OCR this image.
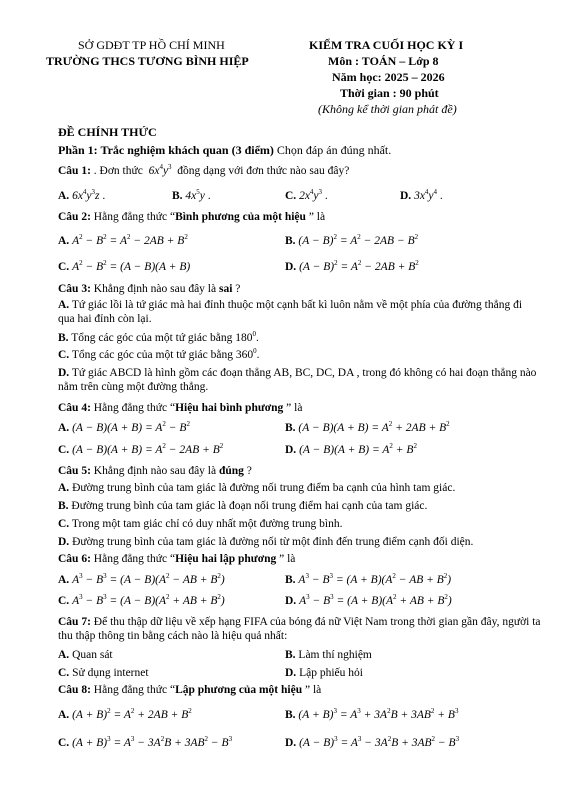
SỞ GDĐT TP HỒ CHÍ MINH
TRƯỜNG THCS TƯƠNG BÌNH HIỆP
KIỂM TRA CUỐI HỌC KỲ I
Môn : TOÁN – Lớp 8
Năm học: 2025 – 2026
Thời gian : 90 phút
(Không kể thời gian phát đề)
ĐỀ CHÍNH THỨC
Phần 1: Trắc nghiệm khách quan (3 điểm) Chọn đáp án đúng nhất.
Câu 1: . Đơn thức  $6x^4y^3$ đồng dạng với đơn thức nào sau đây?
A. $6x^4y^3z$ .	B. $4x^5y$ .	C. $2x^4y^3$ .	D. $3x^4y^4$ .
Câu 2: Hằng đẳng thức “Bình phương của một hiệu ” là
A. $A^2 - B^2 = A^2 - 2AB + B^2$	B. $(A - B)^2 = A^2 - 2AB - B^2$
C. $A^2 - B^2 = (A - B)(A + B)$	D. $(A - B)^2 = A^2 - 2AB + B^2$
Câu 3: Khẳng định nào sau đây là sai ?
A. Tứ giác lồi là tứ giác mà hai đỉnh thuộc một cạnh bất kì luôn nằm về một phía của đường thẳng đi qua hai đỉnh còn lại.
B. Tổng các góc của một tứ giác bằng $180^0$.
C. Tổng các góc của một tứ giác bằng $360^0$.
D. Tứ giác ABCD là hình gồm các đoạn thẳng AB, BC, DC, DA , trong đó không có hai đoạn thẳng nào nằm trên cùng một đường thẳng.
Câu 4: Hằng đẳng thức “Hiệu hai bình phương ” là
A. $(A - B)(A + B) = A^2 - B^2$	B. $(A - B)(A + B) = A^2 + 2AB + B^2$
C. $(A - B)(A + B) = A^2 - 2AB + B^2$	D. $(A - B)(A + B) = A^2 + B^2$
Câu 5: Khẳng định nào sau đây là đúng ?
A. Đường trung bình của tam giác là đường nối trung điểm ba cạnh của hình tam giác.
B. Đường trung bình của tam giác là đoạn nối trung điểm hai cạnh của tam giác.
C. Trong một tam giác chỉ có duy nhất một đường trung bình.
D. Đường trung bình của tam giác là đường nối từ một đỉnh đến trung điểm cạnh đối diện.
Câu 6: Hằng đẳng thức “Hiệu hai lập phương ” là
A. $A^3 - B^3 = (A - B)(A^2$ − AB + $B^2$)	B. $A^3 - B^3 = (A + B)(A^2$ − AB + $B^2$)
C. $A^3 - B^3 = (A - B)(A^2$ + AB + $B^2$)	D. $A^3 - B^3 = (A + B)(A^2$ + AB + $B^2$)
Câu 7: Để thu thập dữ liệu về xếp hạng FIFA của bóng đá nữ Việt Nam trong thời gian gần đây, người ta thu thập thông tin bằng cách nào là hiệu quả nhất:
A. Quan sát	B. Làm thí nghiệm
C. Sử dụng internet	D. Lập phiếu hỏi
Câu 8: Hằng đẳng thức “Lập phương của một hiệu ” là
A. $(A + B)^2 = A^2 + 2AB + B^2$	B. $(A + B)^3 = A^3 + 3A^2B + 3AB^2 + B^3$
C. $(A + B)^3 = A^3 - 3A^2B + 3AB^2 - B^3$	D. $(A - B)^3 = A^3 - 3A^2B + 3AB^2 - B^3$
